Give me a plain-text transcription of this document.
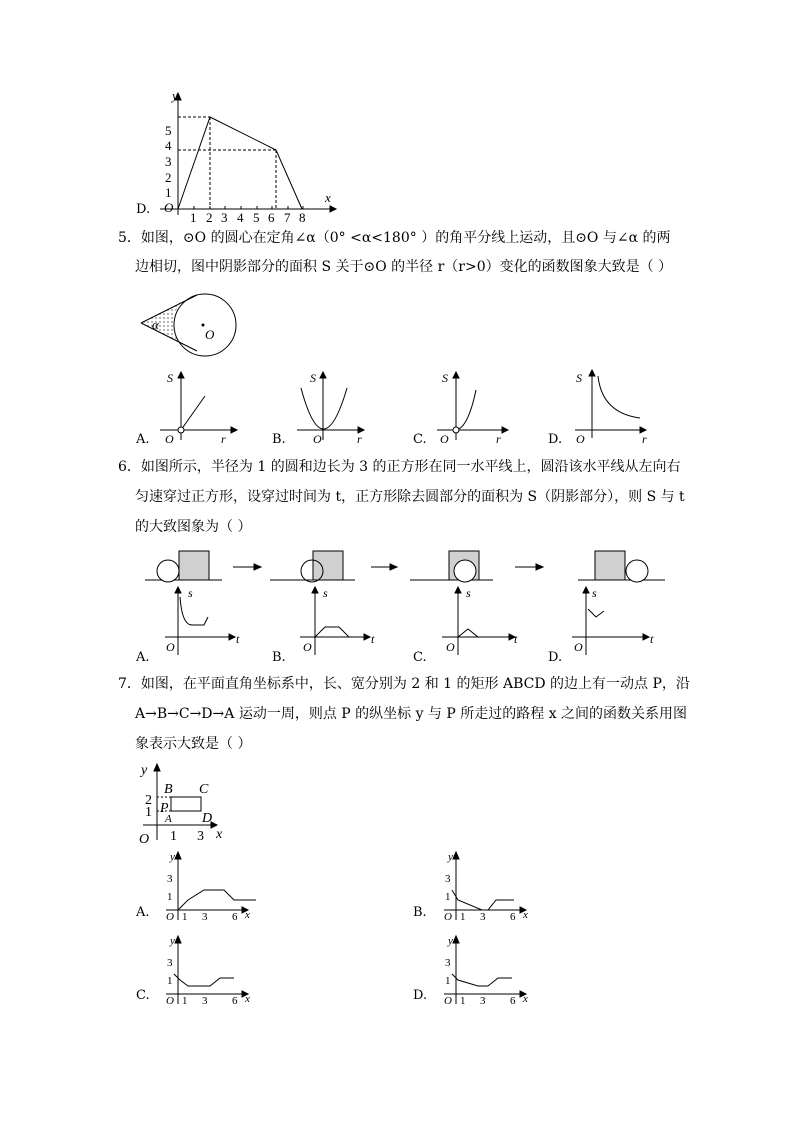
D.
y
x
O
1
2
3
4
5
1 2 3 4 5 6 7 8
5．如图，⊙O 的圆心在定角∠α（0° <α<180° ）的角平分线上运动，且⊙O 与∠α 的两
边相切，图中阴影部分的面积 S 关于⊙O 的半径 r（r>0）变化的函数图象大致是（ ）
α
O
A.
S
r
O	B.
S
r
O	C.
S
r
O	D.
S
r
O
6．如图所示，半径为 1 的圆和边长为 3 的正方形在同一水平线上，圆沿该水平线从左向右
匀速穿过正方形，设穿过时间为 t，正方形除去圆部分的面积为 S（阴影部分），则 S 与 t
的大致图象为（ ）
A.
s
t
O
B.
s
t
O
C.
s
t
O
D.
s
t
O
7．如图，在平面直角坐标系中，长、宽分别为 2 和 1 的矩形 ABCD 的边上有一动点 P，沿
A→B→C→D→A 运动一周，则点 P 的纵坐标 y 与 P 所走过的路程 x 之间的函数关系用图
象表示大致是（ ）
y
x
O
B C
P
A D
2
1
1 3
A.
y
x
O
3
1
1 3 6	B.
y
x
O
3
1
1 3 6
C.
y
x
O
3
1
1 3 6	D.
y
x
O
3
1
1 3 6
